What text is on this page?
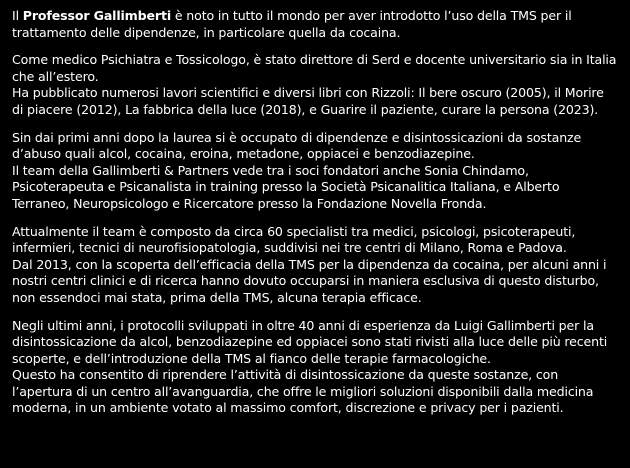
Il Professor Gallimberti è noto in tutto il mondo per aver introdotto l’uso della TMS per il trattamento delle dipendenze, in particolare quella da cocaina.

Come medico Psichiatra e Tossicologo, è stato direttore di Serd e docente universitario sia in Italia che all’estero.
Ha pubblicato numerosi lavori scientifici e diversi libri con Rizzoli: Il bere oscuro (2005), il Morire di piacere (2012), La fabbrica della luce (2018), e Guarire il paziente, curare la persona (2023).

Sin dai primi anni dopo la laurea si è occupato di dipendenze e disintossicazioni da sostanze d’abuso quali alcol, cocaina, eroina, metadone, oppiacei e benzodiazepine.
Il team della Gallimberti & Partners vede tra i soci fondatori anche Sonia Chindamo, Psicoterapeuta e Psicanalista in training presso la Società Psicanalitica Italiana, e Alberto Terraneo, Neuropsicologo e Ricercatore presso la Fondazione Novella Fronda.

Attualmente il team è composto da circa 60 specialisti tra medici, psicologi, psicoterapeuti, infermieri, tecnici di neurofisiopatologia, suddivisi nei tre centri di Milano, Roma e Padova.
Dal 2013, con la scoperta dell’efficacia della TMS per la dipendenza da cocaina, per alcuni anni i nostri centri clinici e di ricerca hanno dovuto occuparsi in maniera esclusiva di questo disturbo, non essendoci mai stata, prima della TMS, alcuna terapia efficace.

Negli ultimi anni, i protocolli sviluppati in oltre 40 anni di esperienza da Luigi Gallimberti per la disintossicazione da alcol, benzodiazepine ed oppiacei sono stati rivisti alla luce delle più recenti scoperte, e dell’introduzione della TMS al fianco delle terapie farmacologiche.
Questo ha consentito di riprendere l’attività di disintossicazione da queste sostanze, con l’apertura di un centro all’avanguardia, che offre le migliori soluzioni disponibili dalla medicina moderna, in un ambiente votato al massimo comfort, discrezione e privacy per i pazienti.
